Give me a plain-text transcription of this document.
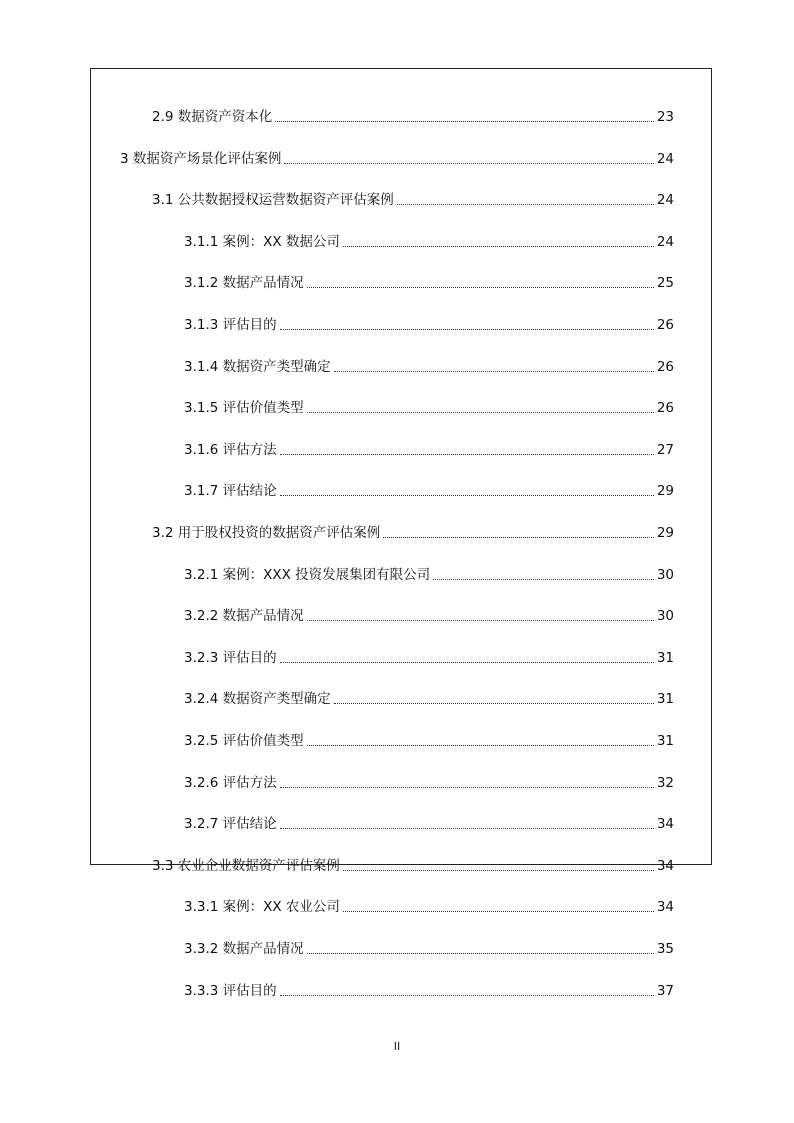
2.9 数据资产资本化	23
3 数据资产场景化评估案例	24
3.1 公共数据授权运营数据资产评估案例	24
3.1.1 案例：XX 数据公司	24
3.1.2 数据产品情况	25
3.1.3 评估目的	26
3.1.4 数据资产类型确定	26
3.1.5 评估价值类型	26
3.1.6 评估方法	27
3.1.7 评估结论	29
3.2 用于股权投资的数据资产评估案例	29
3.2.1 案例：XXX 投资发展集团有限公司	30
3.2.2 数据产品情况	30
3.2.3 评估目的	31
3.2.4 数据资产类型确定	31
3.2.5 评估价值类型	31
3.2.6 评估方法	32
3.2.7 评估结论	34
3.3 农业企业数据资产评估案例	34
3.3.1 案例：XX 农业公司	34
3.3.2 数据产品情况	35
3.3.3 评估目的	37
II
